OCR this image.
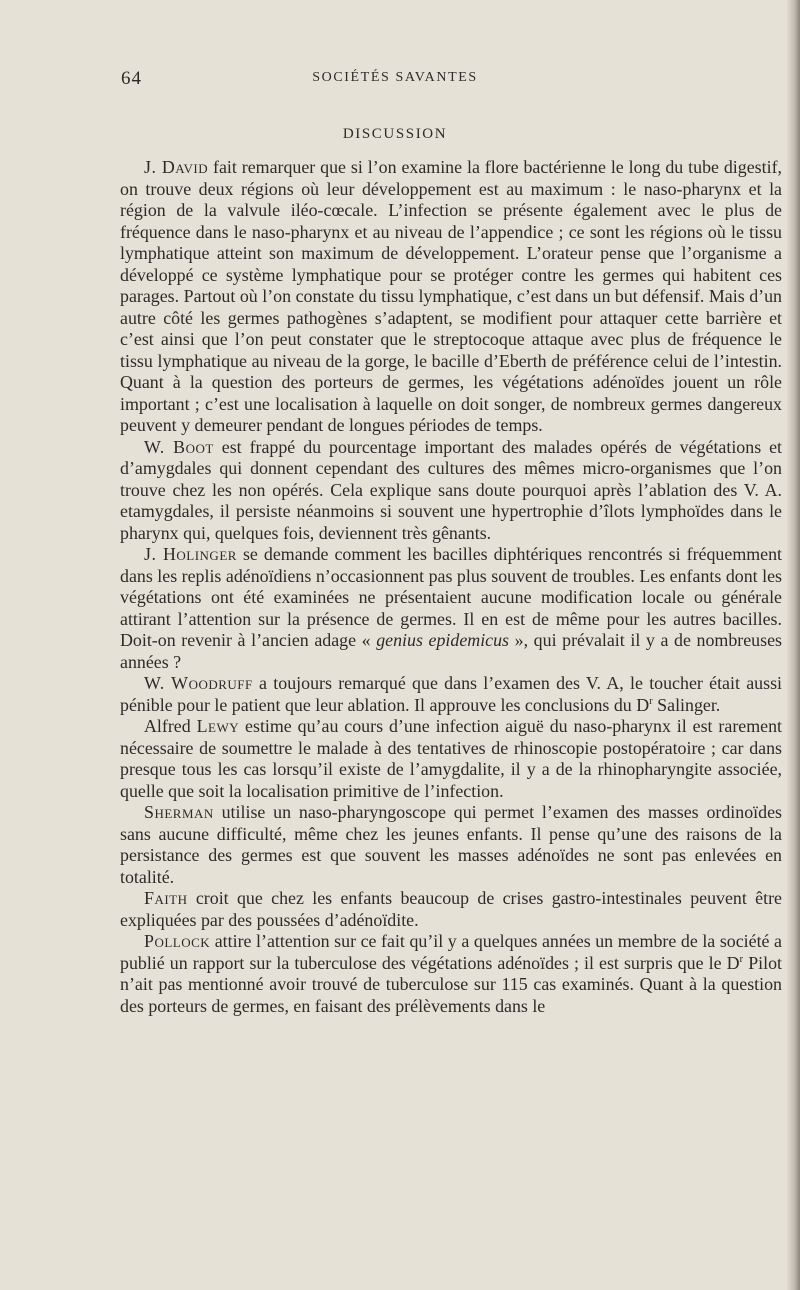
64	SOCIÉTÉS SAVANTES
DISCUSSION

J. David fait remarquer que si l’on examine la flore bactérienne le long du tube digestif, on trouve deux régions où leur développement est au maximum : le naso-pharynx et la région de la valvule iléo-cœcale. L’infection se présente également avec le plus de fréquence dans le naso-pharynx et au niveau de l’appendice ; ce sont les régions où le tissu lymphatique atteint son maximum de développement. L’orateur pense que l’organisme a développé ce système lymphatique pour se protéger contre les germes qui habitent ces parages. Partout où l’on constate du tissu lymphatique, c’est dans un but défensif. Mais d’un autre côté les germes pathogènes s’adaptent, se modifient pour attaquer cette barrière et c’est ainsi que l’on peut constater que le streptocoque attaque avec plus de fréquence le tissu lymphatique au niveau de la gorge, le bacille d’Eberth de préférence celui de l’intestin. Quant à la question des porteurs de germes, les végétations adénoïdes jouent un rôle important ; c’est une localisation à laquelle on doit songer, de nombreux germes dangereux peuvent y demeurer pendant de longues périodes de temps.

W. Boot est frappé du pourcentage important des malades opérés de végétations et d’amygdales qui donnent cependant des cultures des mêmes micro-organismes que l’on trouve chez les non opérés. Cela explique sans doute pourquoi après l’ablation des V. A. etamygdales, il persiste néanmoins si souvent une hypertrophie d’îlots lymphoïdes dans le pharynx qui, quelques fois, deviennent très gênants.

J. Holinger se demande comment les bacilles diphtériques rencontrés si fréquemment dans les replis adénoïdiens n’occasionnent pas plus souvent de troubles. Les enfants dont les végétations ont été examinées ne présentaient aucune modification locale ou générale attirant l’attention sur la présence de germes. Il en est de même pour les autres bacilles. Doit-on revenir à l’ancien adage « genius epidemicus », qui prévalait il y a de nombreuses années ?

W. Woodruff a toujours remarqué que dans l’examen des V. A, le toucher était aussi pénible pour le patient que leur ablation. Il approuve les conclusions du $D^r$ Salinger.

Alfred Lewy estime qu’au cours d’une infection aiguë du naso-pharynx il est rarement nécessaire de soumettre le malade à des tentatives de rhinoscopie postopératoire ; car dans presque tous les cas lorsqu’il existe de l’amygdalite, il y a de la rhinopharyngite associée, quelle que soit la localisation primitive de l’infection.

Sherman utilise un naso-pharyngoscope qui permet l’examen des masses ordinoïdes sans aucune difficulté, même chez les jeunes enfants. Il pense qu’une des raisons de la persistance des germes est que souvent les masses adénoïdes ne sont pas enlevées en totalité.

Faith croit que chez les enfants beaucoup de crises gastro-intestinales peuvent être expliquées par des poussées d’adénoïdite.

Pollock attire l’attention sur ce fait qu’il y a quelques années un membre de la société a publié un rapport sur la tuberculose des végétations adénoïdes ; il est surpris que le $D^r$ Pilot n’ait pas mentionné avoir trouvé de tuberculose sur 115 cas examinés. Quant à la question des porteurs de germes, en faisant des prélèvements dans le
